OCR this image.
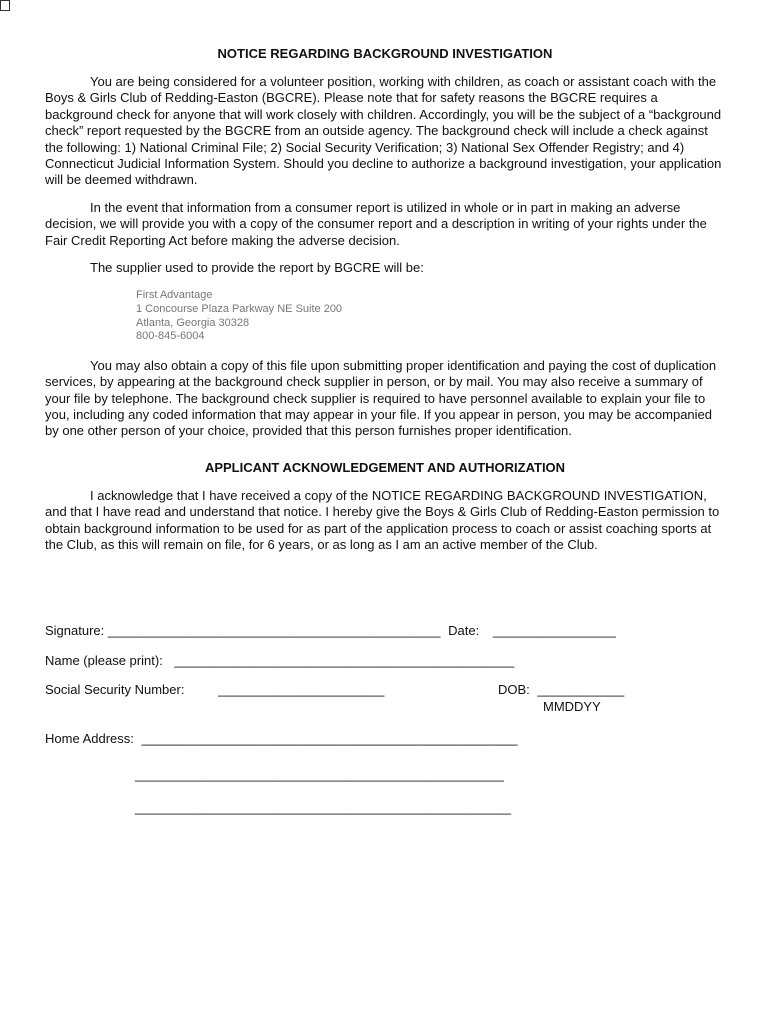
NOTICE REGARDING BACKGROUND INVESTIGATION

You are being considered for a volunteer position, working with children, as coach or assistant coach with the Boys & Girls Club of Redding-Easton (BGCRE). Please note that for safety reasons the BGCRE requires a background check for anyone that will work closely with children. Accordingly, you will be the subject of a “background check” report requested by the BGCRE from an outside agency. The background check will include a check against the following: 1) National Criminal File; 2) Social Security Verification; 3) National Sex Offender Registry; and 4) Connecticut Judicial Information System. Should you decline to authorize a background investigation, your application will be deemed withdrawn.

In the event that information from a consumer report is utilized in whole or in part in making an adverse decision, we will provide you with a copy of the consumer report and a description in writing of your rights under the Fair Credit Reporting Act before making the adverse decision.

The supplier used to provide the report by BGCRE will be:

First Advantage
1 Concourse Plaza Parkway NE Suite 200
Atlanta, Georgia 30328
800-845-6004

You may also obtain a copy of this file upon submitting proper identification and paying the cost of duplication services, by appearing at the background check supplier in person, or by mail. You may also receive a summary of your file by telephone. The background check supplier is required to have personnel available to explain your file to you, including any coded information that may appear in your file. If you appear in person, you may be accompanied by one other person of your choice, provided that this person furnishes proper identification.

APPLICANT ACKNOWLEDGEMENT AND AUTHORIZATION

I acknowledge that I have received a copy of the NOTICE REGARDING BACKGROUND INVESTIGATION, and that I have read and understand that notice. I hereby give the Boys & Girls Club of Redding-Easton permission to obtain background information to be used for as part of the application process to coach or assist coaching sports at the Club, as this will remain on file, for 6 years, or as long as I am an active member of the Club.

Signature: ______________________________________________ Date: _________________
Name (please print): _______________________________________________
Social Security Number:	_______________________	DOB: ____________
MMDDYY
Home Address: ____________________________________________________
___________________________________________________
____________________________________________________
